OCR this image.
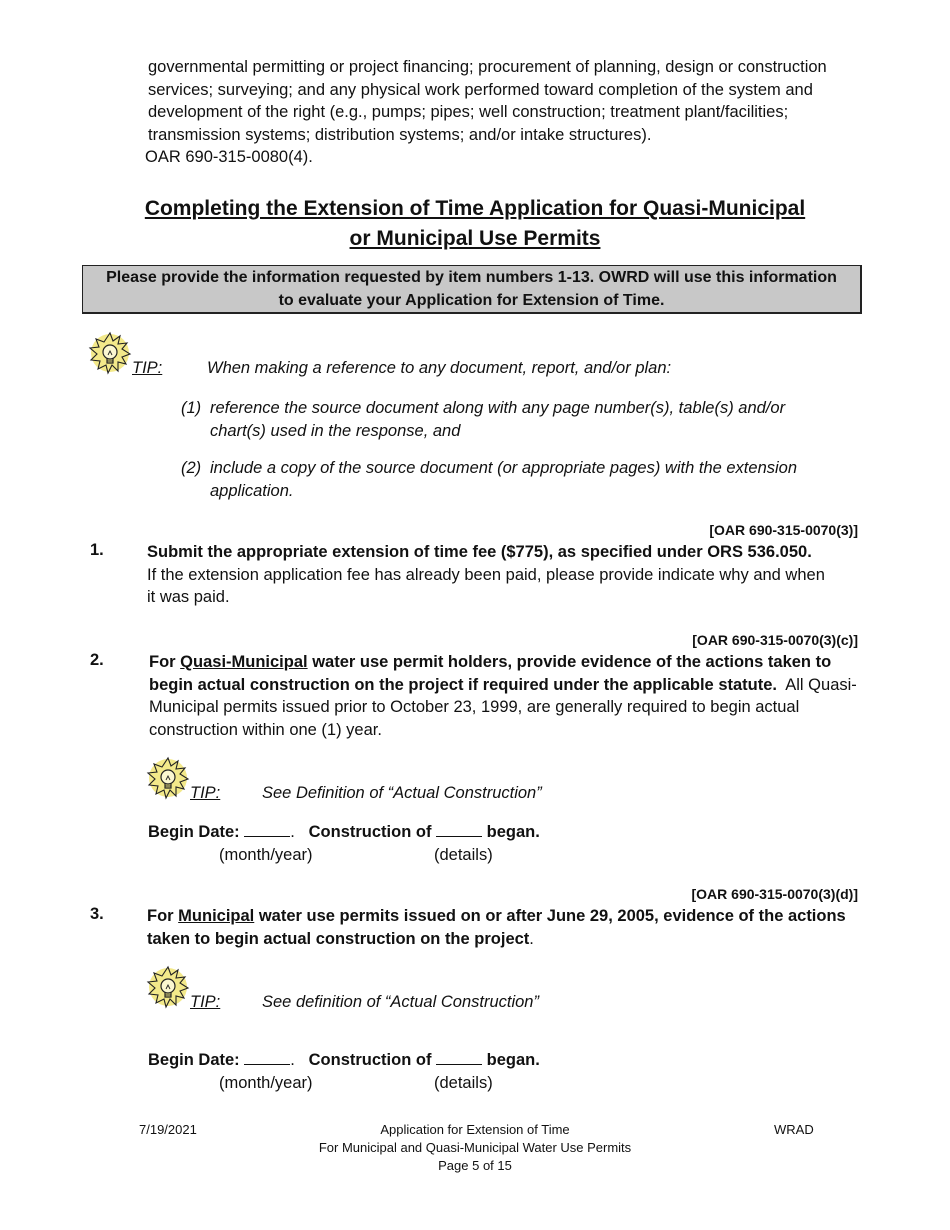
governmental permitting or project financing; procurement of planning, design or construction services; surveying; and any physical work performed toward completion of the system and development of the right (e.g., pumps; pipes; well construction; treatment plant/facilities; transmission systems; distribution systems; and/or intake structures).
OAR 690-315-0080(4).
Completing the Extension of Time Application for Quasi-Municipal
or Municipal Use Permits
Please provide the information requested by item numbers 1-13. OWRD will use this information
to evaluate your Application for Extension of Time.
TIP:	When making a reference to any document, report, and/or plan:
(1) reference the source document along with any page number(s), table(s) and/or
chart(s) used in the response, and
(2) include a copy of the source document (or appropriate pages) with the extension
application.
[OAR 690-315-0070(3)]
1.	Submit the appropriate extension of time fee ($775), as specified under ORS 536.050.
If the extension application fee has already been paid, please provide indicate why and when
it was paid.
[OAR 690-315-0070(3)(c)]
2.	For Quasi-Municipal water use permit holders, provide evidence of the actions taken to
begin actual construction on the project if required under the applicable statute. All Quasi-
Municipal permits issued prior to October 23, 1999, are generally required to begin actual
construction within one (1) year.
TIP:	See Definition of “Actual Construction”
Begin Date:	.   Construction of	began.
(month/year)	(details)
[OAR 690-315-0070(3)(d)]
3.	For Municipal water use permits issued on or after June 29, 2005, evidence of the actions
taken to begin actual construction on the project.
TIP:	See definition of “Actual Construction”
Begin Date:	.   Construction of	began.
(month/year)	(details)
7/19/2021	Application for Extension of Time
For Municipal and Quasi-Municipal Water Use Permits
Page 5 of 15
WRAD
